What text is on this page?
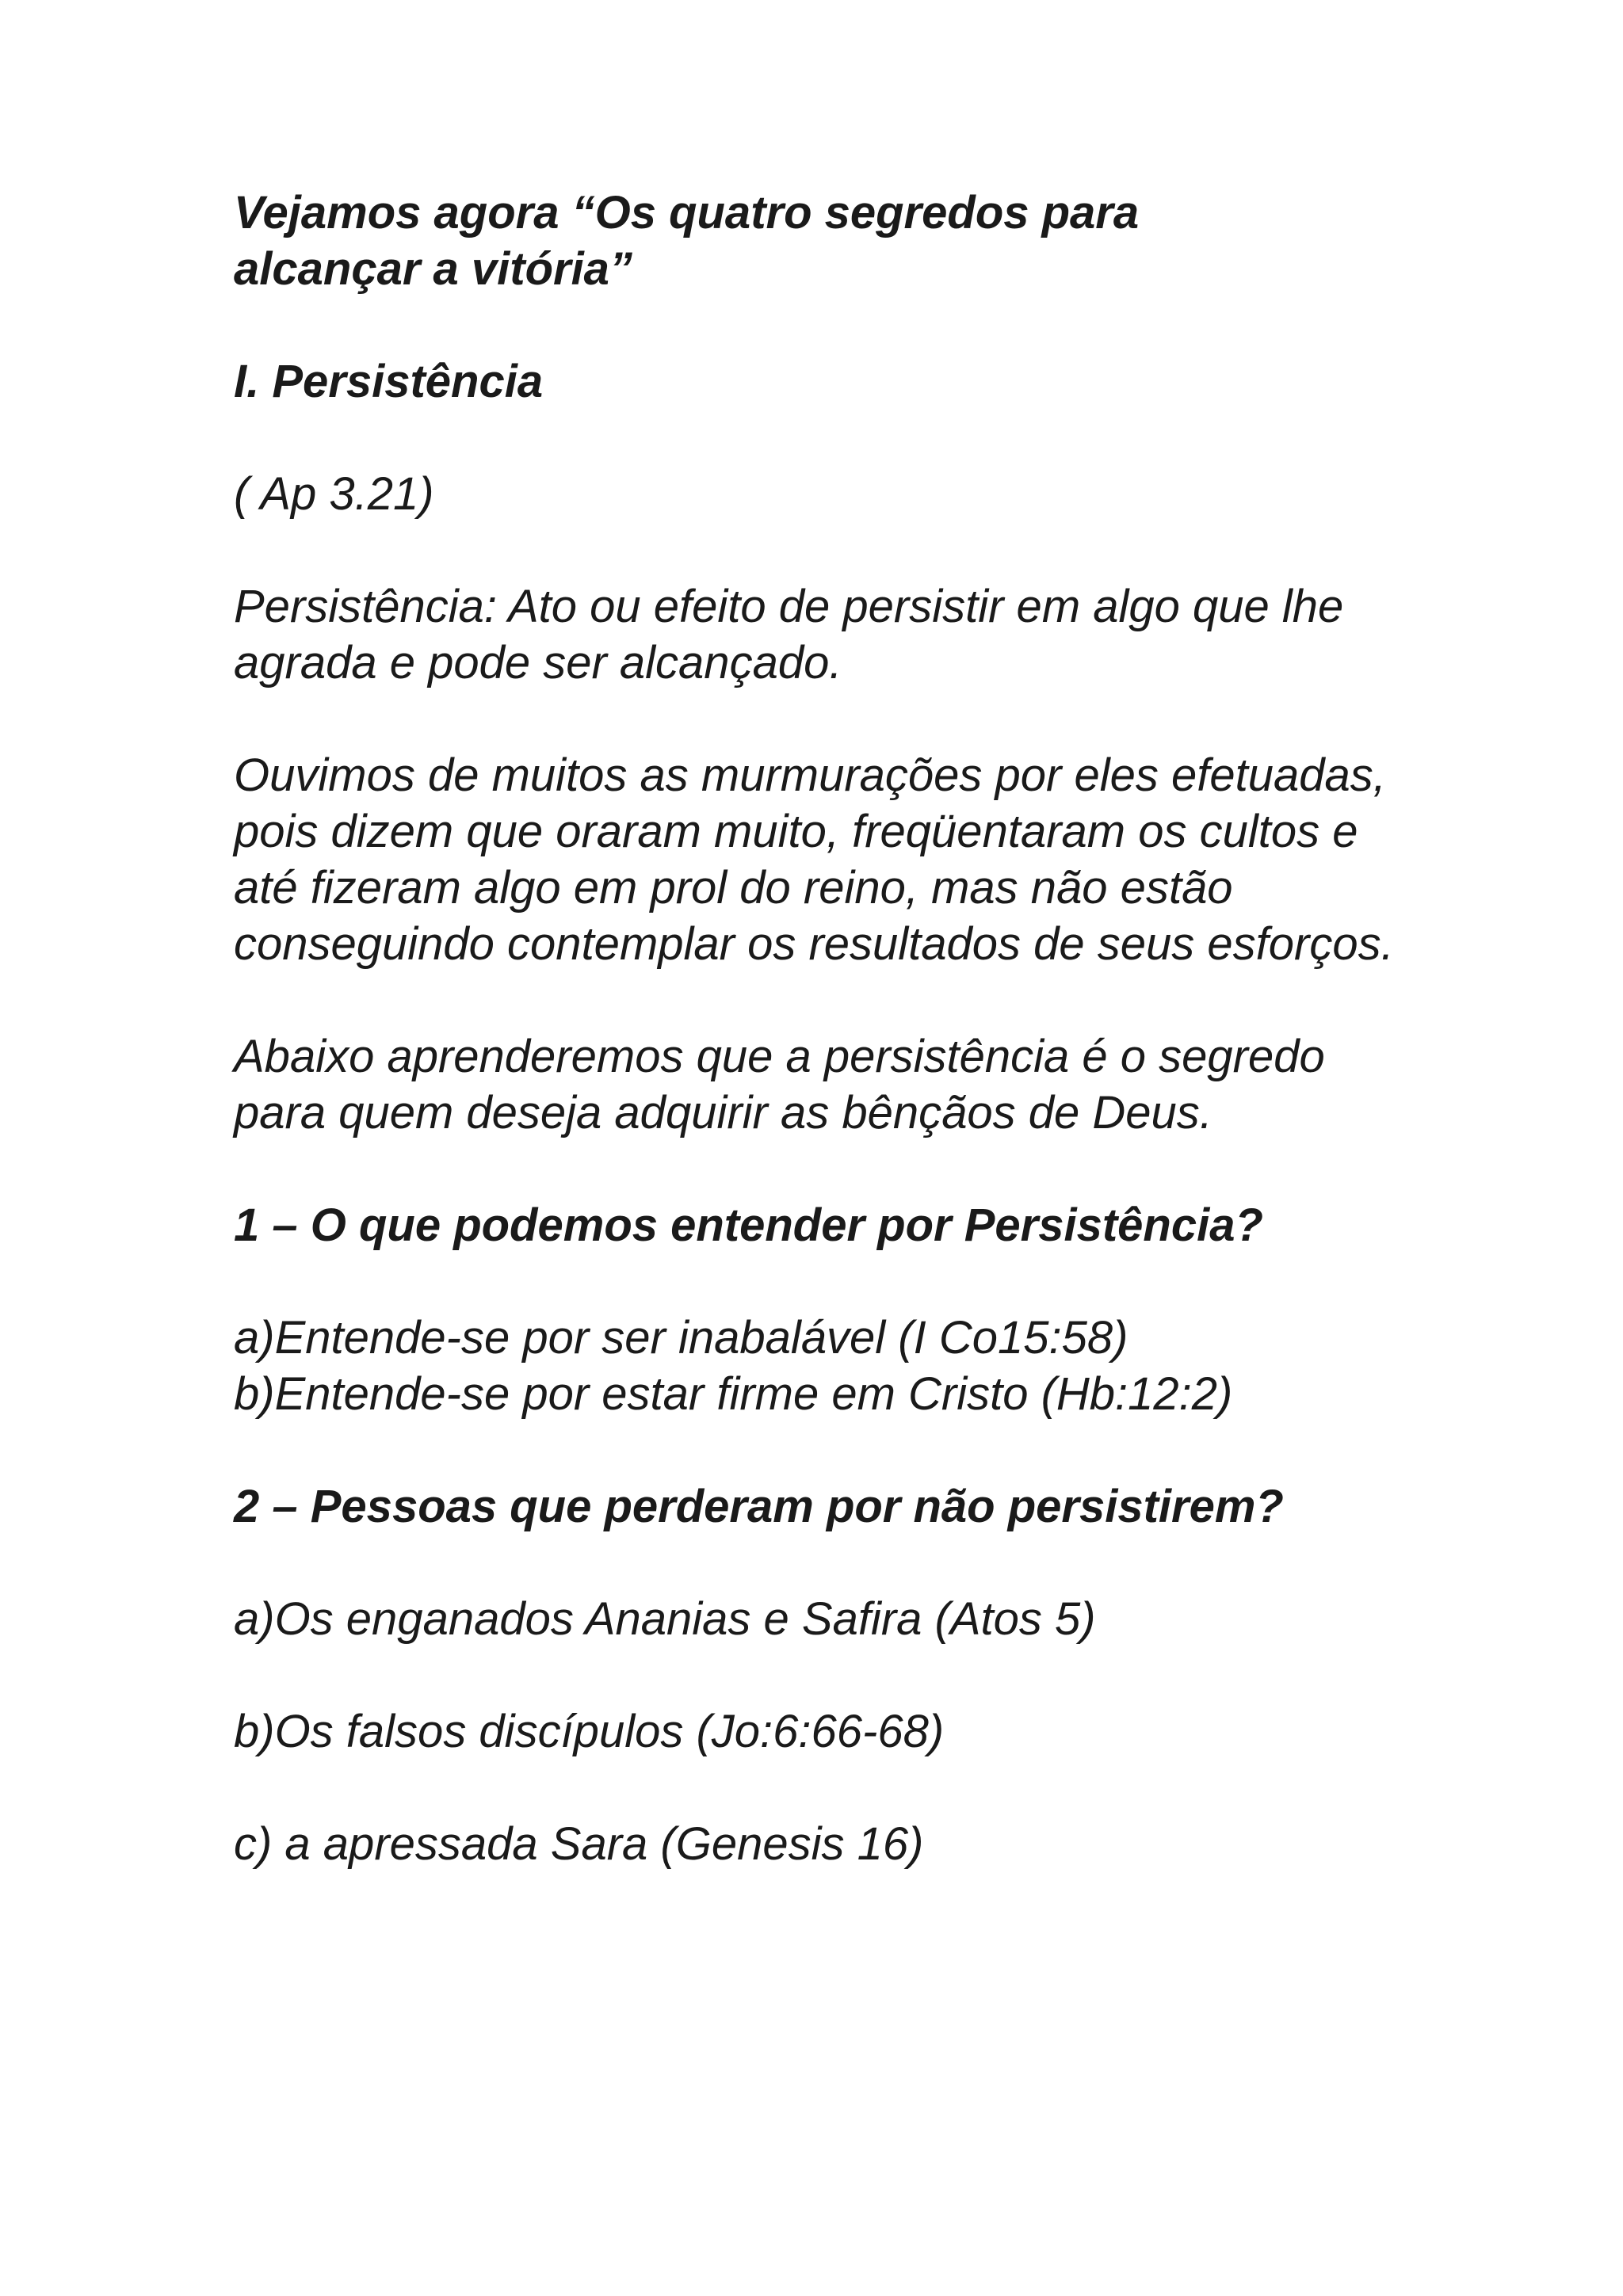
Vejamos agora “Os quatro segredos para
alcançar a vitória”

I. Persistência

( Ap 3.21)

Persistência: Ato ou efeito de persistir em algo que lhe agrada e pode ser alcançado.

Ouvimos de muitos as murmurações por eles efetuadas, pois dizem que oraram muito, freqüentaram os cultos e até fizeram algo em prol do reino, mas não estão conseguindo contemplar os resultados de seus esforços.

Abaixo aprenderemos que a persistência é o segredo para quem deseja adquirir as bênçãos de Deus.

1 – O que podemos entender por Persistência?

a)Entende-se por ser inabalável (I Co15:58)
b)Entende-se por estar firme em Cristo (Hb:12:2)

2 – Pessoas que perderam por não persistirem?

a)Os enganados Ananias e Safira (Atos 5)

b)Os falsos discípulos (Jo:6:66-68)

c) a apressada Sara (Genesis 16)
